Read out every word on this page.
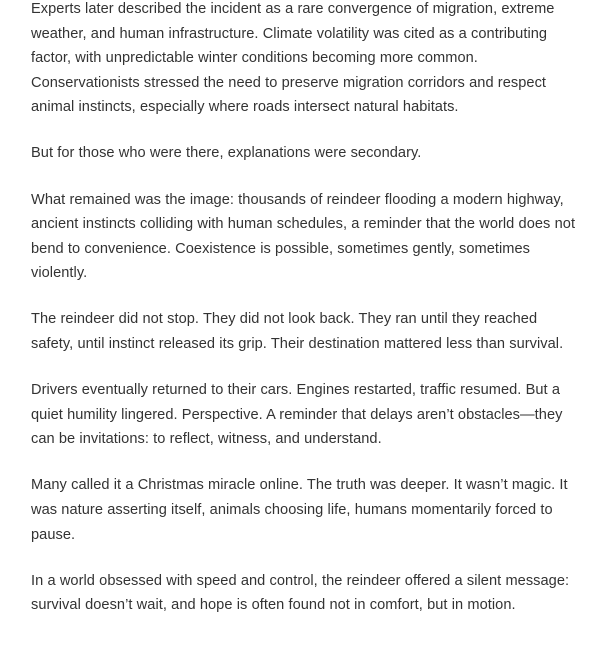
Experts later described the incident as a rare convergence of migration, extreme weather, and human infrastructure. Climate volatility was cited as a contributing factor, with unpredictable winter conditions becoming more common. Conservationists stressed the need to preserve migration corridors and respect animal instincts, especially where roads intersect natural habitats.

But for those who were there, explanations were secondary.

What remained was the image: thousands of reindeer flooding a modern highway, ancient instincts colliding with human schedules, a reminder that the world does not bend to convenience. Coexistence is possible, sometimes gently, sometimes violently.

The reindeer did not stop. They did not look back. They ran until they reached safety, until instinct released its grip. Their destination mattered less than survival.

Drivers eventually returned to their cars. Engines restarted, traffic resumed. But a quiet humility lingered. Perspective. A reminder that delays aren’t obstacles—they can be invitations: to reflect, witness, and understand.

Many called it a Christmas miracle online. The truth was deeper. It wasn’t magic. It was nature asserting itself, animals choosing life, humans momentarily forced to pause.

In a world obsessed with speed and control, the reindeer offered a silent message: survival doesn’t wait, and hope is often found not in comfort, but in motion.
